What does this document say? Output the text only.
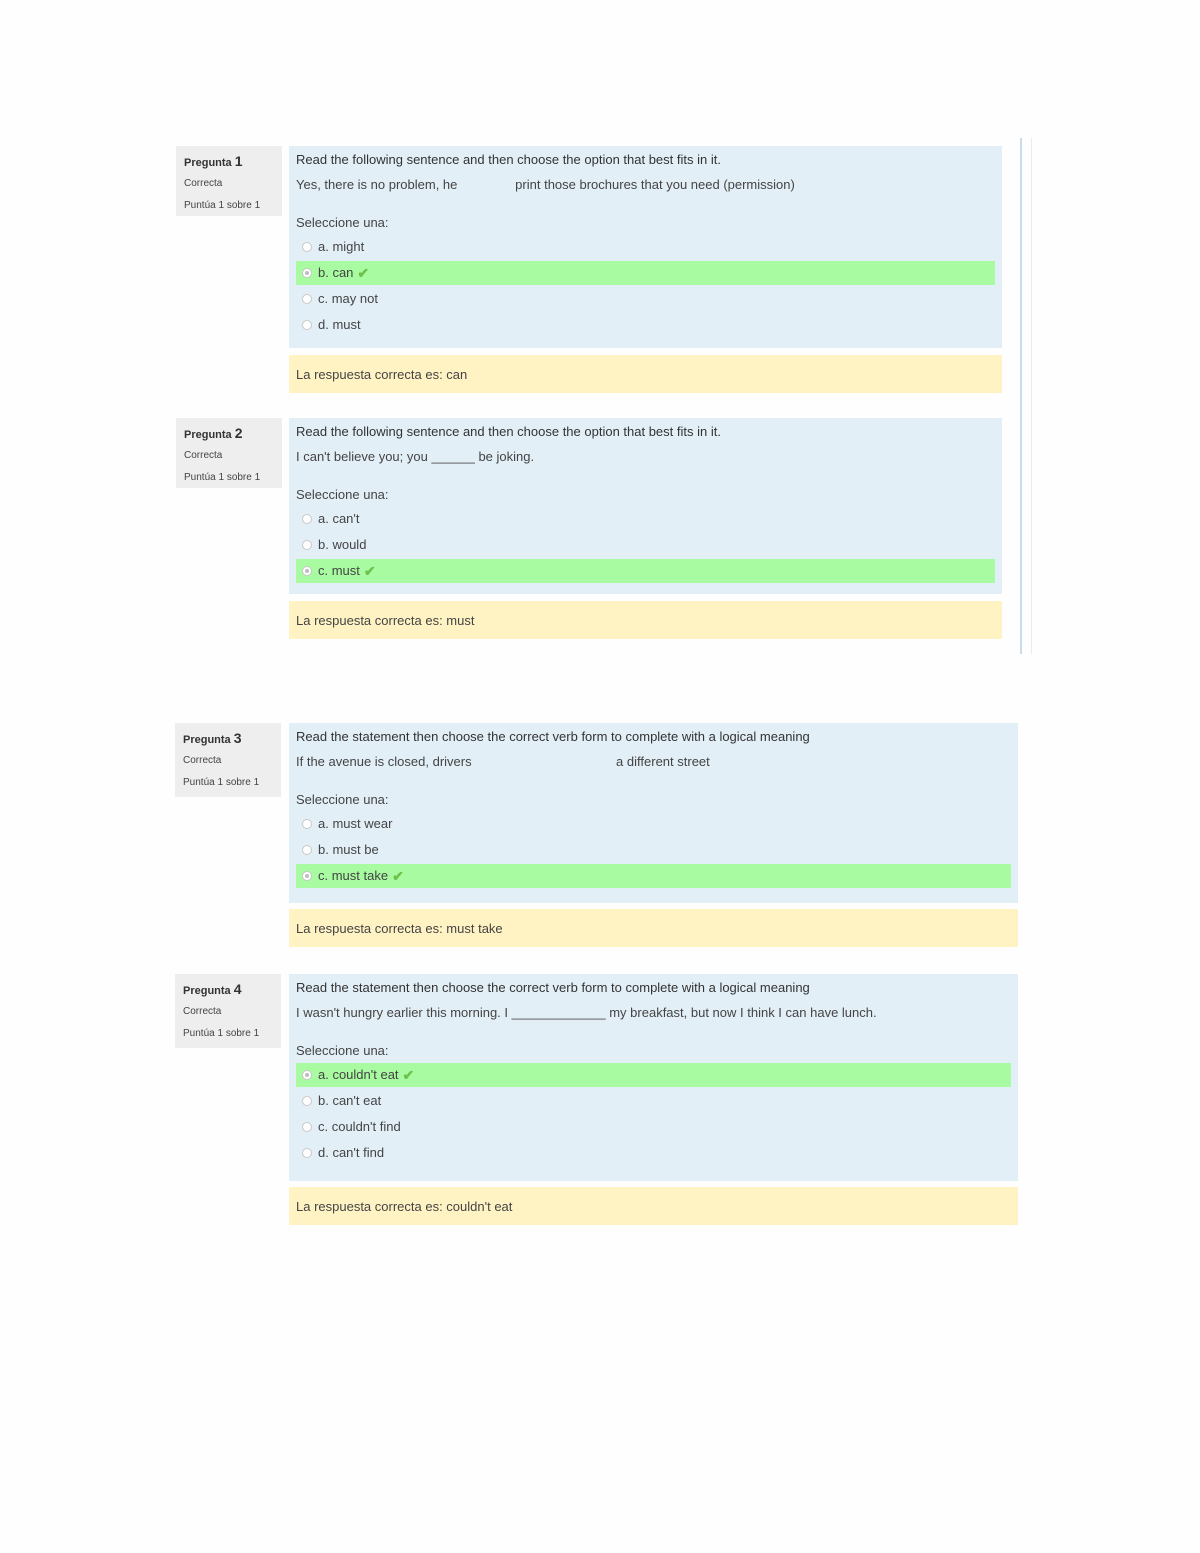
Pregunta 1
Correcta
Puntúa 1 sobre 1
Read the following sentence and then choose the option that best fits in it.
Yes, there is no problem, he                print those brochures that you need (permission)
Seleccione una:
a. might
b. can ✔
c. may not
d. must
La respuesta correcta es: can
Pregunta 2
Correcta
Puntúa 1 sobre 1
Read the following sentence and then choose the option that best fits in it.
I can't believe you; you ______ be joking.
Seleccione una:
a. can't
b. would
c. must ✔
La respuesta correcta es: must
Pregunta 3
Correcta
Puntúa 1 sobre 1
Read the statement then choose the correct verb form to complete with a logical meaning
If the avenue is closed, drivers                                        a different street
Seleccione una:
a. must wear
b. must be
c. must take ✔
La respuesta correcta es: must take
Pregunta 4
Correcta
Puntúa 1 sobre 1
Read the statement then choose the correct verb form to complete with a logical meaning
I wasn't hungry earlier this morning. I _____________ my breakfast, but now I think I can have lunch.
Seleccione una:
a. couldn't eat ✔
b. can't eat
c. couldn't find
d. can't find
La respuesta correcta es: couldn't eat
